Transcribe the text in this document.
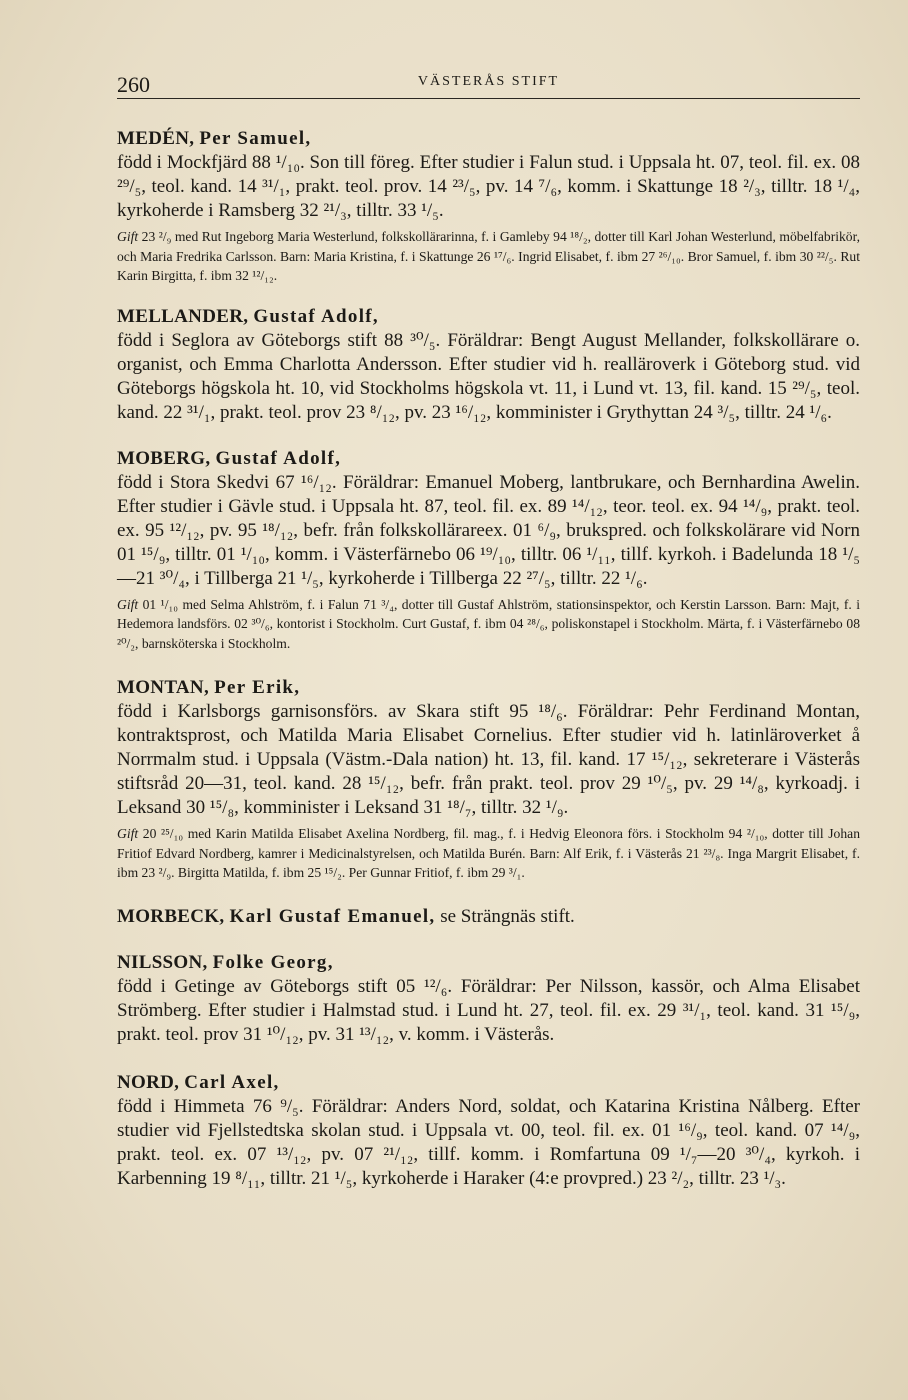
260	VÄSTERÅS STIFT

MEDÉN, Per Samuel,
född i Mockfjärd 88 ¹/₁₀. Son till föreg. Efter studier i Falun stud. i Uppsala ht. 07, teol. fil. ex. 08 ²⁹/₅, teol. kand. 14 ³¹/₁, prakt. teol. prov. 14 ²³/₅, pv. 14 ⁷/₆, komm. i Skattunge 18 ²/₃, tilltr. 18 ¹/₄, kyrkoherde i Ramsberg 32 ²¹/₃, tilltr. 33 ¹/₅.

Gift 23 ²/₉ med Rut Ingeborg Maria Westerlund, folkskollärarinna, f. i Gamleby 94 ¹⁸/₂, dotter till Karl Johan Westerlund, möbelfabrikör, och Maria Fredrika Carlsson. Barn: Maria Kristina, f. i Skattunge 26 ¹⁷/₆. Ingrid Elisabet, f. ibm 27 ²⁶/₁₀. Bror Samuel, f. ibm 30 ²²/₅. Rut Karin Birgitta, f. ibm 32 ¹²/₁₂.

MELLANDER, Gustaf Adolf,
född i Seglora av Göteborgs stift 88 ³⁰/₅. Föräldrar: Bengt August Mellander, folkskollärare o. organist, och Emma Charlotta Andersson. Efter studier vid h. realläroverk i Göteborg stud. vid Göteborgs högskola ht. 10, vid Stockholms högskola vt. 11, i Lund vt. 13, fil. kand. 15 ²⁹/₅, teol. kand. 22 ³¹/₁, prakt. teol. prov 23 ⁸/₁₂, pv. 23 ¹⁶/₁₂, komminister i Grythyttan 24 ³/₅, tilltr. 24 ¹/₆.

MOBERG, Gustaf Adolf,
född i Stora Skedvi 67 ¹⁶/₁₂. Föräldrar: Emanuel Moberg, lantbrukare, och Bernhardina Awelin. Efter studier i Gävle stud. i Uppsala ht. 87, teol. fil. ex. 89 ¹⁴/₁₂, teor. teol. ex. 94 ¹⁴/₉, prakt. teol. ex. 95 ¹²/₁₂, pv. 95 ¹⁸/₁₂, befr. från folkskollärareex. 01 ⁶/₉, brukspred. och folkskolärare vid Norn 01 ¹⁵/₉, tilltr. 01 ¹/₁₀, komm. i Västerfärnebo 06 ¹⁹/₁₀, tilltr. 06 ¹/₁₁, tillf. kyrkoh. i Badelunda 18 ¹/₅—21 ³⁰/₄, i Tillberga 21 ¹/₅, kyrkoherde i Tillberga 22 ²⁷/₅, tilltr. 22 ¹/₆.

Gift 01 ¹/₁₀ med Selma Ahlström, f. i Falun 71 ³/₄, dotter till Gustaf Ahlström, stationsinspektor, och Kerstin Larsson. Barn: Majt, f. i Hedemora landsförs. 02 ³⁰/₆, kontorist i Stockholm. Curt Gustaf, f. ibm 04 ²⁸/₆, poliskonstapel i Stockholm. Märta, f. i Västerfärnebo 08 ²⁰/₂, barnsköterska i Stockholm.

MONTAN, Per Erik,
född i Karlsborgs garnisonsförs. av Skara stift 95 ¹⁸/₆. Föräldrar: Pehr Ferdinand Montan, kontraktsprost, och Matilda Maria Elisabet Cornelius. Efter studier vid h. latinläroverket å Norrmalm stud. i Uppsala (Västm.-Dala nation) ht. 13, fil. kand. 17 ¹⁵/₁₂, sekreterare i Västerås stiftsråd 20—31, teol. kand. 28 ¹⁵/₁₂, befr. från prakt. teol. prov 29 ¹⁰/₅, pv. 29 ¹⁴/₈, kyrkoadj. i Leksand 30 ¹⁵/₈, komminister i Leksand 31 ¹⁸/₇, tilltr. 32 ¹/₉.

Gift 20 ²⁵/₁₀ med Karin Matilda Elisabet Axelina Nordberg, fil. mag., f. i Hedvig Eleonora förs. i Stockholm 94 ²/₁₀, dotter till Johan Fritiof Edvard Nordberg, kamrer i Medicinalstyrelsen, och Matilda Burén. Barn: Alf Erik, f. i Västerås 21 ²³/₈. Inga Margrit Elisabet, f. ibm 23 ²/₉. Birgitta Matilda, f. ibm 25 ¹⁵/₂. Per Gunnar Fritiof, f. ibm 29 ³/₁.

MORBECK, Karl Gustaf Emanuel, se Strängnäs stift.

NILSSON, Folke Georg,
född i Getinge av Göteborgs stift 05 ¹²/₆. Föräldrar: Per Nilsson, kassör, och Alma Elisabet Strömberg. Efter studier i Halmstad stud. i Lund ht. 27, teol. fil. ex. 29 ³¹/₁, teol. kand. 31 ¹⁵/₉, prakt. teol. prov 31 ¹⁰/₁₂, pv. 31 ¹³/₁₂, v. komm. i Västerås.

NORD, Carl Axel,
född i Himmeta 76 ⁹/₅. Föräldrar: Anders Nord, soldat, och Katarina Kristina Nålberg. Efter studier vid Fjellstedtska skolan stud. i Uppsala vt. 00, teol. fil. ex. 01 ¹⁶/₉, teol. kand. 07 ¹⁴/₉, prakt. teol. ex. 07 ¹³/₁₂, pv. 07 ²¹/₁₂, tillf. komm. i Romfartuna 09 ¹/₇—20 ³⁰/₄, kyrkoh. i Karbenning 19 ⁸/₁₁, tilltr. 21 ¹/₅, kyrkoherde i Haraker (4:e provpred.) 23 ²/₂, tilltr. 23 ¹/₃.
